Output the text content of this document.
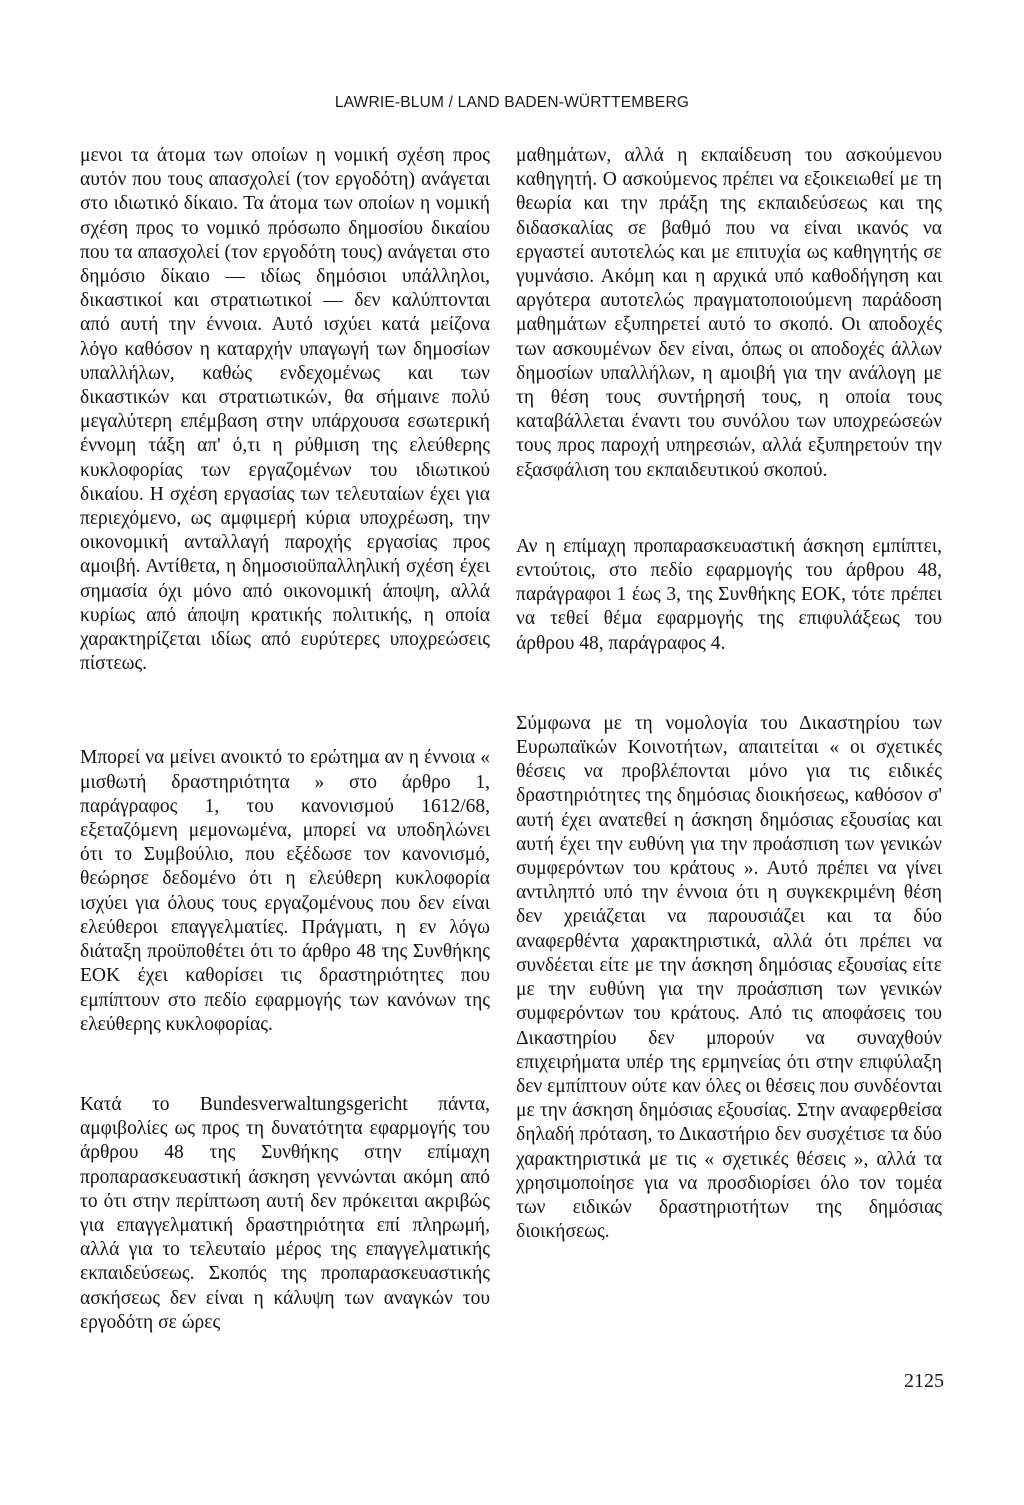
LAWRIE-BLUM / LAND BADEN-WÜRTTEMBERG

μενοι τα άτομα των οποίων η νομική σχέση προς αυτόν που τους απασχολεί (τον εργοδότη) ανάγεται στο ιδιωτικό δίκαιο. Τα άτομα των οποίων η νομική σχέση προς το νομικό πρόσωπο δημοσίου δικαίου που τα απασχολεί (τον εργοδότη τους) ανάγεται στο δημόσιο δίκαιο — ιδίως δημόσιοι υπάλληλοι, δικαστικοί και στρατιωτικοί — δεν καλύπτονται από αυτή την έννοια. Αυτό ισχύει κατά μείζονα λόγο καθόσον η καταρχήν υπαγωγή των δημοσίων υπαλλήλων, καθώς ενδεχομένως και των δικαστικών και στρατιωτικών, θα σήμαινε πολύ μεγαλύτερη επέμβαση στην υπάρχουσα εσωτερική έννομη τάξη απ' ό,τι η ρύθμιση της ελεύθερης κυκλοφορίας των εργαζομένων του ιδιωτικού δικαίου. Η σχέση εργασίας των τελευταίων έχει για περιεχόμενο, ως αμφιμερή κύρια υποχρέωση, την οικονομική ανταλλαγή παροχής εργασίας προς αμοιβή. Αντίθετα, η δημοσιοϋπαλληλική σχέση έχει σημασία όχι μόνο από οικονομική άποψη, αλλά κυρίως από άποψη κρατικής πολιτικής, η οποία χαρακτηρίζεται ιδίως από ευρύτερες υποχρεώσεις πίστεως.

Μπορεί να μείνει ανοικτό το ερώτημα αν η έννοια « μισθωτή δραστηριότητα » στο άρθρο 1, παράγραφος 1, του κανονισμού 1612/68, εξεταζόμενη μεμονωμένα, μπορεί να υποδηλώνει ότι το Συμβούλιο, που εξέδωσε τον κανονισμό, θεώρησε δεδομένο ότι η ελεύθερη κυκλοφορία ισχύει για όλους τους εργαζομένους που δεν είναι ελεύθεροι επαγγελματίες. Πράγματι, η εν λόγω διάταξη προϋποθέτει ότι το άρθρο 48 της Συνθήκης ΕΟΚ έχει καθορίσει τις δραστηριότητες που εμπίπτουν στο πεδίο εφαρμογής των κανόνων της ελεύθερης κυκλοφορίας.

Κατά το Bundesverwaltungsgericht πάντα, αμφιβολίες ως προς τη δυνατότητα εφαρμογής του άρθρου 48 της Συνθήκης στην επίμαχη προπαρασκευαστική άσκηση γεννώνται ακόμη από το ότι στην περίπτωση αυτή δεν πρόκειται ακριβώς για επαγγελματική δραστηριότητα επί πληρωμή, αλλά για το τελευταίο μέρος της επαγγελματικής εκπαιδεύσεως. Σκοπός της προπαρασκευαστικής ασκήσεως δεν είναι η κάλυψη των αναγκών του εργοδότη σε ώρες

μαθημάτων, αλλά η εκπαίδευση του ασκούμενου καθηγητή. Ο ασκούμενος πρέπει να εξοικειωθεί με τη θεωρία και την πράξη της εκπαιδεύσεως και της διδασκαλίας σε βαθμό που να είναι ικανός να εργαστεί αυτοτελώς και με επιτυχία ως καθηγητής σε γυμνάσιο. Ακόμη και η αρχικά υπό καθοδήγηση και αργότερα αυτοτελώς πραγματοποιούμενη παράδοση μαθημάτων εξυπηρετεί αυτό το σκοπό. Οι αποδοχές των ασκουμένων δεν είναι, όπως οι αποδοχές άλλων δημοσίων υπαλλήλων, η αμοιβή για την ανάλογη με τη θέση τους συντήρησή τους, η οποία τους καταβάλλεται έναντι του συνόλου των υποχρεώσεών τους προς παροχή υπηρεσιών, αλλά εξυπηρετούν την εξασφάλιση του εκπαιδευτικού σκοπού.

Αν η επίμαχη προπαρασκευαστική άσκηση εμπίπτει, εντούτοις, στο πεδίο εφαρμογής του άρθρου 48, παράγραφοι 1 έως 3, της Συνθήκης ΕΟΚ, τότε πρέπει να τεθεί θέμα εφαρμογής της επιφυλάξεως του άρθρου 48, παράγραφος 4.

Σύμφωνα με τη νομολογία του Δικαστηρίου των Ευρωπαϊκών Κοινοτήτων, απαιτείται « οι σχετικές θέσεις να προβλέπονται μόνο για τις ειδικές δραστηριότητες της δημόσιας διοικήσεως, καθόσον σ' αυτή έχει ανατεθεί η άσκηση δημόσιας εξουσίας και αυτή έχει την ευθύνη για την προάσπιση των γενικών συμφερόντων του κράτους ». Αυτό πρέπει να γίνει αντιληπτό υπό την έννοια ότι η συγκεκριμένη θέση δεν χρειάζεται να παρουσιάζει και τα δύο αναφερθέντα χαρακτηριστικά, αλλά ότι πρέπει να συνδέεται είτε με την άσκηση δημόσιας εξουσίας είτε με την ευθύνη για την προάσπιση των γενικών συμφερόντων του κράτους. Από τις αποφάσεις του Δικαστηρίου δεν μπορούν να συναχθούν επιχειρήματα υπέρ της ερμηνείας ότι στην επιφύλαξη δεν εμπίπτουν ούτε καν όλες οι θέσεις που συνδέονται με την άσκηση δημόσιας εξουσίας. Στην αναφερθείσα δηλαδή πρόταση, το Δικαστήριο δεν συσχέτισε τα δύο χαρακτηριστικά με τις « σχετικές θέσεις », αλλά τα χρησιμοποίησε για να προσδιορίσει όλο τον τομέα των ειδικών δραστηριοτήτων της δημόσιας διοικήσεως.

2125
